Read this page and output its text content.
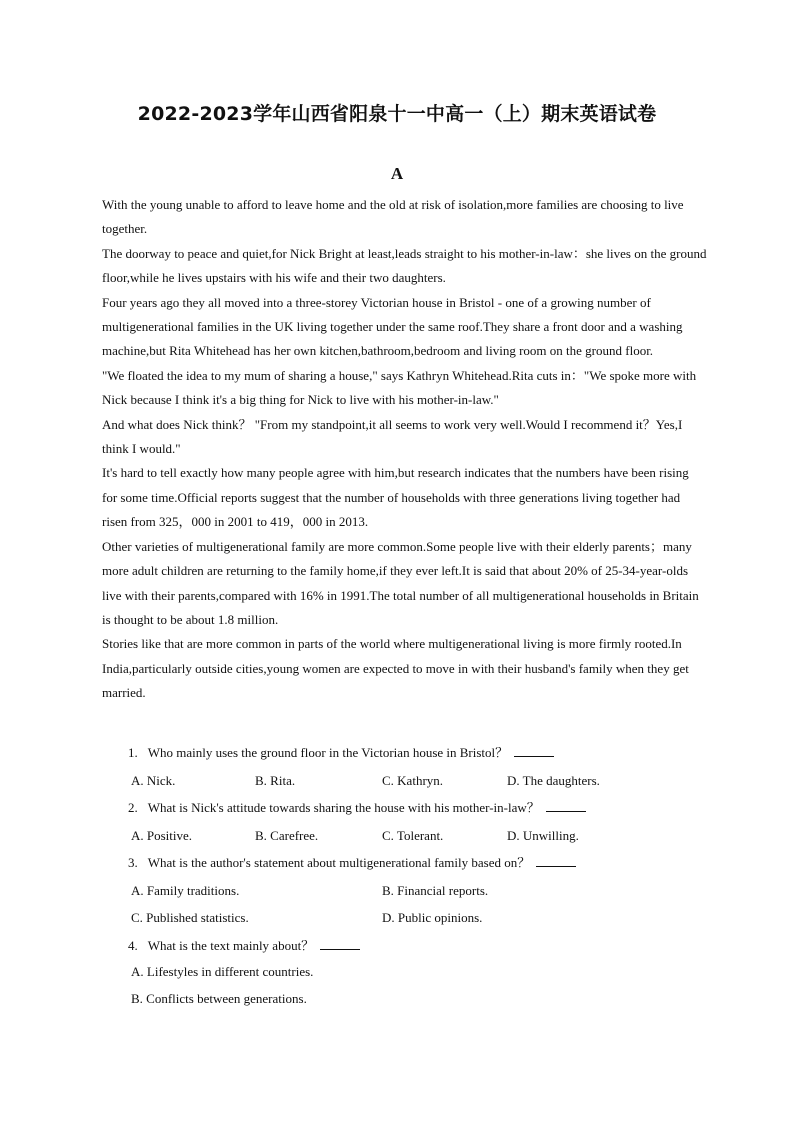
2022-2023学年山西省阳泉十一中高一（上）期末英语试卷
A

With the young unable to afford to leave home and the old at risk of isolation,more families are choosing to live together.

The doorway to peace and quiet,for Nick Bright at least,leads straight to his mother-in-law：she lives on the ground floor,while he lives upstairs with his wife and their two daughters.

Four years ago they all moved into a three-storey Victorian house in Bristol - one of a growing number of multigenerational families in the UK living together under the same roof.They share a front door and a washing machine,but Rita Whitehead has her own kitchen,bathroom,bedroom and living room on the ground floor.

"We floated the idea to my mum of sharing a house," says Kathryn Whitehead.Rita cuts in："We spoke more with Nick because I think it's a big thing for Nick to live with his mother-in-law."

And what does Nick think？ "From my standpoint,it all seems to work very well.Would I recommend it？Yes,I think I would."

It's hard to tell exactly how many people agree with him,but research indicates that the numbers have been rising for some time.Official reports suggest that the number of households with three generations living together had risen from 325，000 in 2001 to 419，000 in 2013.

Other varieties of multigenerational family are more common.Some people live with their elderly parents；many more adult children are returning to the family home,if they ever left.It is said that about 20% of 25-34-year-olds live with their parents,compared with 16% in 1991.The total number of all multigenerational households in Britain is thought to be about 1.8 million.

Stories like that are more common in parts of the world where multigenerational living is more firmly rooted.In India,particularly outside cities,young women are expected to move in with their husband's family when they get married.

1. Who mainly uses the ground floor in the Victorian house in Bristol？
A. Nick.	B. Rita.	C. Kathryn.	D. The daughters.
2. What is Nick's attitude towards sharing the house with his mother-in-law？
A. Positive.	B. Carefree.	C. Tolerant.	D. Unwilling.
3. What is the author's statement about multigenerational family based on？
A. Family traditions.	B. Financial reports.
C. Published statistics.	D. Public opinions.
4. What is the text mainly about？
A. Lifestyles in different countries.
B. Conflicts between generations.
